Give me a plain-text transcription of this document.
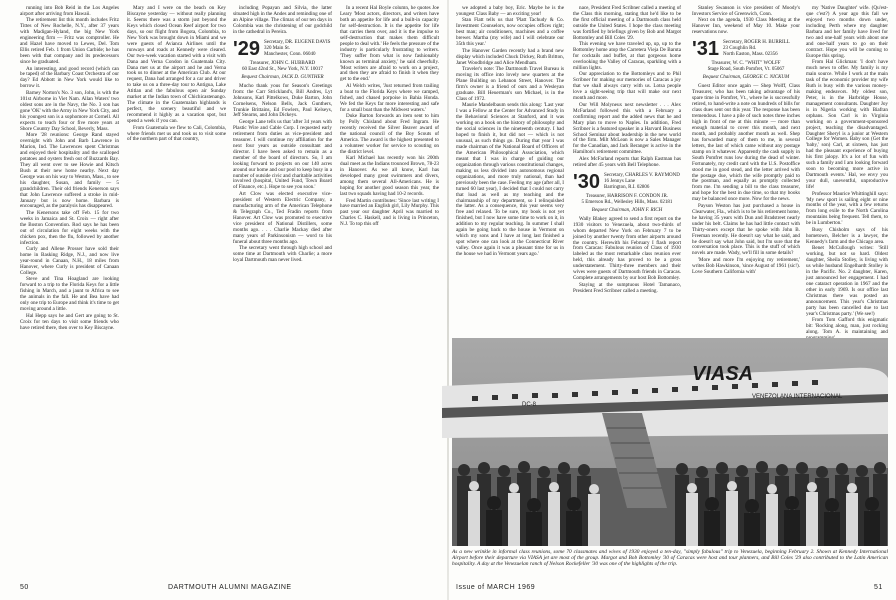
running into Bob Reid in the Los Angeles airport after arriving from Hawaii.

The retirement list this month includes Fritz Tittes of New Rochelle, N.Y., after 37 years with Madigan-Hyland, the big New York engineering firm — Fritz was comptroller. He and Hazel have moved to Lewes, Del. Tom Ellis retired Feb. 1 from Union Carbide; he has been with that company and its predecessors since he graduated.

An interesting, and good record (which can be taped) of the Barbary Coast Orchestra of our day? Ed Abbott in New York would like to borrow it.

Barney Norton's No. 3 son, John, is with the 101st Airborne in Viet Nam. Allan Waters' two oldest sons are in the Navy, the No. 3 son has gone 'OK' with the Army in New York City, and his youngest son is a sophomore at Cornell. All expects to teach four or five more years at Shore Country Day School, Beverly, Mass.

More '28 reunions: George Rand stayed overnight with John and Barb Lawrence in Marion, Ind. The Lawrences spent Christmas and enjoyed their hospitality and the scalloped potatoes and oysters fresh out of Buzzards Bay. They all went over to see Howie and Kitsch Bush at their new home nearby. Next day George was on his way to Weston, Mass., to see his daughter, Susan, and family — 5 grandchildren. Their old friends Kenerson says that John Lawrence suffered a stroke in mid-January but is now home. Barbara is encouraged, as the paralysis has disappeared.

The Kenersons take off Feb. 15 for two weeks in Jamaica and St. Croix — right after the Boston Convention. Rod says he has been out of circulation for eight weeks with the chicken pox, then the flu, followed by another infection.

Curly and Allene Prosser have sold their home in Basking Ridge, N.J., and now live year-round in Canaan, N.H., 18 miles from Hanover, where Curly is president of Canaan College.

Steve and Tina Hoagland are looking forward to a trip to the Florida Keys for a little fishing in March, and a jaunt to Africa to see the animals in the fall. He and Bea have had only one trip to Europe and think it's time to get moving around a little.

Hal Hepp says he and Gert are going to St. Croix for ten days to visit some friends who have retired there, then over to Key Biscayne.

Mary and I were on the beach on Key Biscayne yesterday — without really planning it. Seems there was a storm just beyond the Keys which closed Ocean Reef airport for two days, so our flight from Bogota, Colombia, to New York was brought down in Miami and we were guests of Avianca Airlines until the runways and roads at Kennedy were cleared. Our two-week vacation started with a visit with Dana and Verna Condon in Guatemala City. Dana met us at the airport and he and Verna took us to dinner at the American Club. At our request, Dana had arranged for a car and driver to take us on a three-day tour to Antigua, Lake Atitlan and the fabulous open air Sunday market at the Indian town of Chichicastenango. The climate in the Guatemalan highlands is perfect, the scenery beautiful and we recommend it highly as a vacation spot, but spend a week if you can.

From Guatemala we flew to Cali, Colombia, where friends met us and took us to visit some of the northern part of that country,

including Popayan and Silvia, the latter situated high in the Andes and reminding one of an Alpine village. The climax of our ten days in Colombia was the christening of our godchild in the cathedral in Pereira.

'29 Secretary, DR. EUGENE DAVIS
320 Main St.
Manchester, Conn. 06040
Treasurer, JOHN C. HUBBARD
60 East 42nd St., New York, N.Y. 10017
Bequest Chairman, JACK D. GUNTHER

Mucho thank yous for Season's Greetings from: the Carr Strickland's, Bill Andres, Lyt Johnsons, Karl Pittelkows, Duke Barton, John Cornelsens, Nelson Bells, Jack Gunthers, Trunkie Brittains, Ed Fowlers, Paul Kelseys, Jeff Stearns, and John Dickeys.

George Lane tells us that 'after 34 years with Plastic Wire and Cable Corp. I requested early retirement from duties as vice-president and treasurer. I will continue my affiliation for the next four years as outside consultant and director. I have been asked to remain as a member of the board of directors. So, I am looking forward to projects on our 140 acres around our home and our pool to keep busy in a number of outside civic and charitable activities involved (hospital, United Fund, Town Board of Finance, etc.). Hope to see you soon.'

Art Clow was elected executive vice-president of Western Electric Company, a manufacturing arm of the American Telephone & Telegraph Co., Ted Fradin reports from Hanover. Art Clow was promoted to executive vice president of National Distillers, some months ago. . . . Charlie Mackay died after many years of Parkinsonism — word to his funeral about three months ago.

The secretary went through high school and some time at Dartmouth with Charlie; a more loyal Dartmouth man never lived.

In a recent Hal Boyle column, he quotes Joe Leary 'Most actors, directors, and writers have both an appetite for life and a built-in capacity for self-destruction. It is the appetite for life that carries them over, and it is the impulse to self-destruction that makes them difficult people to deal with.' He feels the pressure of the industry is particularly frustrating to writers. 'They suffer from what is now fashionably known as terminal anxiety,' he said cheerfully. 'Most writers are afraid to work on a project, and then they are afraid to finish it when they get to the end.'

Al Welch writes, 'Just returned from trailing a boat to the Florida Keys where we camped, fished, and chased porpoise in Bahia Honda. We fed the Keys far more interesting and safe for a small boat than the Midwest waters.'

Duke Barton forwards an item sent to him by Polly Chisland about Fred Ingram. He recently received the Silver Beaver award of the national council of the Boy Scouts of America. The award is the highest presented to a volunteer worker for service to scouting on the district level.

Karl Michael has recently won his 200th dual meet as the Indians trounced Brown, 78-23 in Hanover. As we all know, Karl has developed many great swimmers and divers, among them several All-Americans. He is hoping for another good season this year, the last two squads having had 10-2 records.

Fred Martin contributes: 'Since last writing I have married an English girl, Lily Murphy. This past year our daughter April was married to Charles C. Haskell, and is living in Princeton, N.J. To top this off

50	DARTMOUTH ALUMNI MAGAZINE

we adopted a baby boy, Eric. Maybe he is the youngest Class Baby — an exciting year!

Stan Flatt tells us that 'Platt Tachudy & Co. Investment Counselors, now occupies offices right; best man; air conditioners, machines and a coffee brewer. Martha (my wife) and I will celebrate our 35th this year.'

The Hanover Garden recently had a brand new display which included Chuck Dickey, Ruth Britton, Janet Woodbridge and Alice Mendham.

Traveler's note: The Dartmouth Travel Bureau is moving its office into lovely new quarters at the Plane Building on Lebanon Street, Hanover. The firm's owner is a friend of ours and a Wesleyan graduate. Bill Heuerman's son Michael, is in the Class of 1972.

Maurie Mandelbaum sends this along: 'Last year I was a Fellow at the Center for Advanced Study in the Behavioral Sciences at Stanford, and it was working on a book on the history of philosophy and the social sciences in the nineteenth century. I had hoped to finish it, but did not — which is not unusual, as such things go. During that year I was made chairman of the National Board of Officers of the American Philosophical Association, which meant that I was in charge of guiding our organization through various constitutional changes, making us less divided into autonomous regional organizations, and more truly national, than had previously been the case. Feeling my age (after all, I turned 60 last year), I decided that I could not carry that load as well as my teaching and the chairmanship of my department, so I relinquished the latter. As a consequence, this year seems very free and relaxed. To be sure, my book is not yet finished, but I now have some time to work on it, in addition to my regular teaching. In summer I shall again be going back to the house in Vermont on which my sons and I have at long last finished a spot where one can look at the Connecticut River valley. Once again it was a pleasant time for us in the house we had in Vermont years ago.'

nace, President Fred Scribner called a meeting of the Class this morning, stating that he'd like to be the first official meeting of a Dartmouth class held outside the United States. I hope the class meeting was fortified by briefings given by Bob and Margot Bottomley and Bill Coles '29.

This evening we have traveled up, up, up to the Bottomley home atop the Carretera Vieja De Baruta for cocktails and buffet, at that gorgeous home overlooking the Valley of Caracas, sparkling with a million lights.

Our appreciation to the Bottomleys and to Phil Scribner for making our memories of Caracas a joy that we shall always carry with us. Lotsa people love a sight-seeing trip that will make our next month and more.

Our Will Molyneux next newsletter . . . Alex McFarland followed this with a February a confirming report and the added news that he and Mary plan to move to Naples. In addition, Fred Scribner is a featured speaker in a Harvard Business School Seminar about leadership in the new world of the firm. Milt McLean is now a Sales Manager for the Canadian, and Jack Beranger is active in the Hamilton's retirement committee.

Alex McFarland reports that Ralph Eastman has retired after 45 years with Bell Telephone.

'30 Secretary, CHARLES V. RAYMOND
16 Jennys Lane
Barrington, R.I. 02806
Treasurer, HARRISON F. CONDON JR.
5 Emerson Rd., Wellesley Hills, Mass. 02181
Bequest Chairman, JOHN F. RICH

Wally Blakey agreed to send a first report on the 1930 visitors to Venezuela, about two-thirds of whom departed New York on February 7 to be joined by another twenty from other airports around the country. Herewith his February I flash report from Caracas: Fabulous reunion of Class of 1930 labeled as the most remarkable class reunion ever held, this already has proved to be a gross understatement. Thirty-three members and their wives were guests of Dartmouth friends in Caracas. Complete arrangements by our host Bob Bottomley.

Staying at the sumptuous Hotel Tamanaco, President Fred Scribner called a meeting.

Stanley Swanson is vice president of Moody's Investors Service of Greenwich, Conn.

Next on the agenda, 1930 Class Meeting at the Hanover Inn, weekend of May 10. Make your reservations now.

'31 Secretary, ROGER H. BURRILL
23 Coughlin Rd.
North Easton, Mass. 02356
Treasurer, W. C. "WHIT" WOLFF
Stage Road, South Pomfret, Vt. 05067
Bequest Chairman, GEORGE C. NICKUM

Guest Editor once again — Shep Wolff, Class Treasurer, who has been taking advantage of his spare time in Pomfret, Vt., where he is successfully retired, to hand-write a note on hundreds of bills for class dues sent out this year. The response has been tremendous. I have a pile of such notes three inches high in front of me at this minute — more than enough material to cover this month, and next month, and probably another month as well. Shep has forwarded many of them to me, in several letters, the last of which came without any postage stamp on it whatever. Apparently the cash supply in South Pomfret runs low during the dead of winter. Fortunately, my credit card with the U.S. Postoffice stood me in good stead, and the letter arrived with the postage due, which the wife promptly paid to the postman, and equally as promptly collected from me. I'm sending a bill to the class treasurer, and hope for the best in due time, so that my books may be balanced once more. Now for the news.

Payson Weston has just purchased a house in Clearwater, Fla., which is to be his retirement home, he having 35 years with Dun and Bradstreet nearly under his belt. Claims he has had little contact with Thirty-oners except that he spoke with John B. Freeman recently. He doesn't say what he said, and he doesn't say what John said, but I'm sure that the conversation took place. This is the stuff of which novels are made. Wady, we'll fill in some details?

'More and more I'm enjoying my retirement,' writes Bob Hawkinson, 'since August of 1961 (sic!). Love Southern California with'

my 'Native Daughter' wife. (Qu'est-que c'est?) A year ago this fall we enjoyed two months down under, including Perth where my daughter Barbara and her family have lived for two and one-half years with about one and one-half years to go on their contract. Hope you will be coming to Europe this spring.

From Hal Glickman: 'I don't have much news to offer. My family is my main source. While I work at the main task of the economic provider my wife Ruth is busy with the various money-making endeavors. My oldest son, Peter, is in the Harbridge House, management consultants. Daughter Joy is in Nigeria working with Biafran orphans. Son Carl is in Virginia working on a government-sponsored project, teaching the disadvantaged. Daughter Sheryl is a junior at Western College for Women. Baby son (Get the 'baby,' son) Carl, at sixteen, has just had the pleasant experience of buying his first jalopy. It's a lot of fun with such a family and I am looking forward soon to becoming more active in Dartmouth events.' Hal, we envy you your dull, uneventful, unproductive life!

Professor Maurice Whittinghill says: 'My new sport is sailing eight or nine months of the year, with a few returns from long exile to the North Carolina mountains being frequent. Tell them, to be in Lumberton.'

Busy Chisholm says of his hometown, Belcher is a lawyer, the Kennedy's farm and the Chicago area.

Benet McCullough writes: 'Still working, but not so hard. Oldest daughter, Sheila Stolley, is living with us while husband Engelhardt Stolley is in the Pacific. No. 2 daughter, Karen, just announced her engagement. I had one cataract operation in 1967 and the other in early 1969. Is our office last Christmas there was posted an announcement. This year's Christmas party has been cancelled due to last year's Christmas party.' (We see!)

From Tom Gafford this enigmatic bit: 'Rocking along, man, just rocking along. Tom A. is maintaining and

VIASA
VENEZOLANA INTERNACIONAL
DC-8
As a new wrinkle in informal class reunions, some 70 classmates and wives of 1930 enjoyed a ten-day, "simply fabulous" trip to Venezuela, beginning February 2. Shown at Kennedy International Airport before their departure via VIASA jet are most of the group. Margot and Bob Bottomley '30 of Caracas were host and tour planners, and Bill Coles '29 also contributed to the Latin American hospitality. A day at the Venezuelan ranch of Nelson Rockefeller '30 was one of the highlights of the trip.
Issue of MARCH 1969	51
